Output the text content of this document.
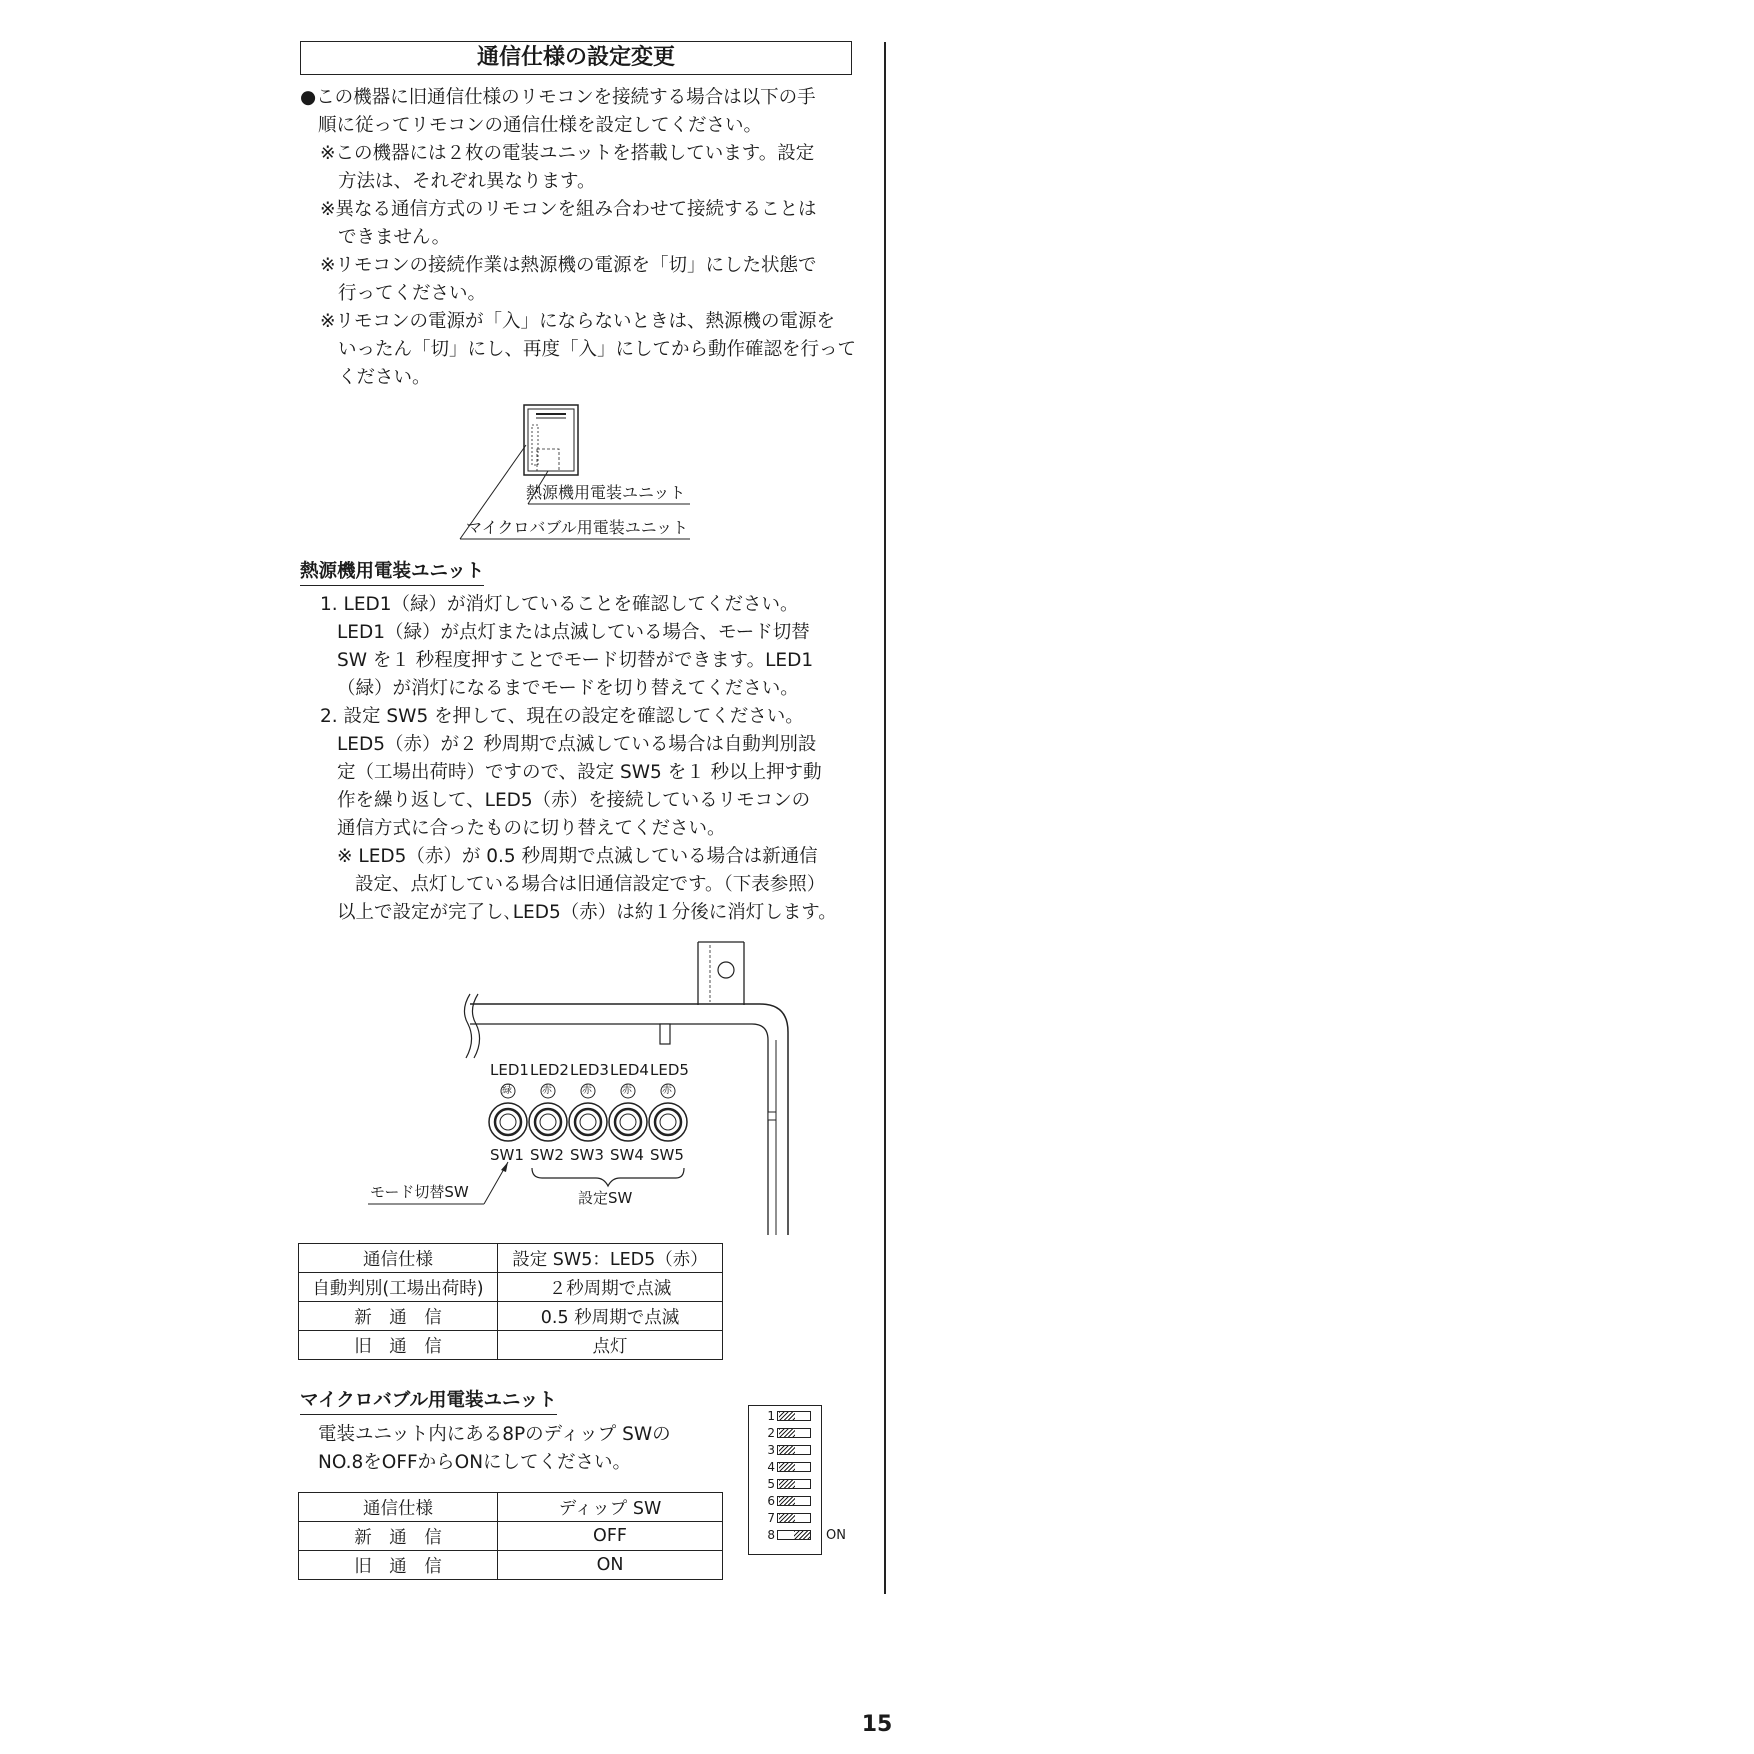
通信仕様の設定変更
●この機器に旧通信仕様のリモコンを接続する場合は以下の手
順に従ってリモコンの通信仕様を設定してください。
※この機器には２枚の電装ユニットを搭載しています。設定
方法は、それぞれ異なります。
※異なる通信方式のリモコンを組み合わせて接続することは
できません。
※リモコンの接続作業は熱源機の電源を「切」にした状態で
行ってください。
※リモコンの電源が「入」にならないときは、熱源機の電源を
いったん「切」にし、再度「入」にしてから動作確認を行って
ください。
熱源機用電装ユニット
マイクロバブル用電装ユニット
熱源機用電装ユニット
1. LED1（緑）が消灯していることを確認してください。
LED1（緑）が点灯または点滅している場合、モード切替
SW を１ 秒程度押すことでモード切替ができます。LED1
（緑）が消灯になるまでモードを切り替えてください。
2. 設定 SW5 を押して、現在の設定を確認してください。
LED5（赤）が２ 秒周期で点滅している場合は自動判別設
定（工場出荷時）ですので、設定 SW5 を１ 秒以上押す動
作を繰り返して、LED5（赤）を接続しているリモコンの
通信方式に合ったものに切り替えてください。
※ LED5（赤）が 0.5 秒周期で点滅している場合は新通信
設定、点灯している場合は旧通信設定です。（下表参照）
以上で設定が完了し､LED5（赤）は約１分後に消灯します。
LED1 LED2 LED3 LED4 LED5
緑	赤	赤	赤	赤
SW1 SW2 SW3 SW4 SW5
モード切替SW	設定SW
通信仕様	設定 SW5：LED5（赤）
自動判別(工場出荷時)	２秒周期で点滅
新　通　信	0.5 秒周期で点滅
旧　通　信	点灯
マイクロバブル用電装ユニット
電装ユニット内にある8Pのディップ SWの
NO.8をOFFからONにしてください。
通信仕様	ディップ SW
新　通　信	OFF
旧　通　信	ON
1
2
3
4
5
6
7
8	ON
15
